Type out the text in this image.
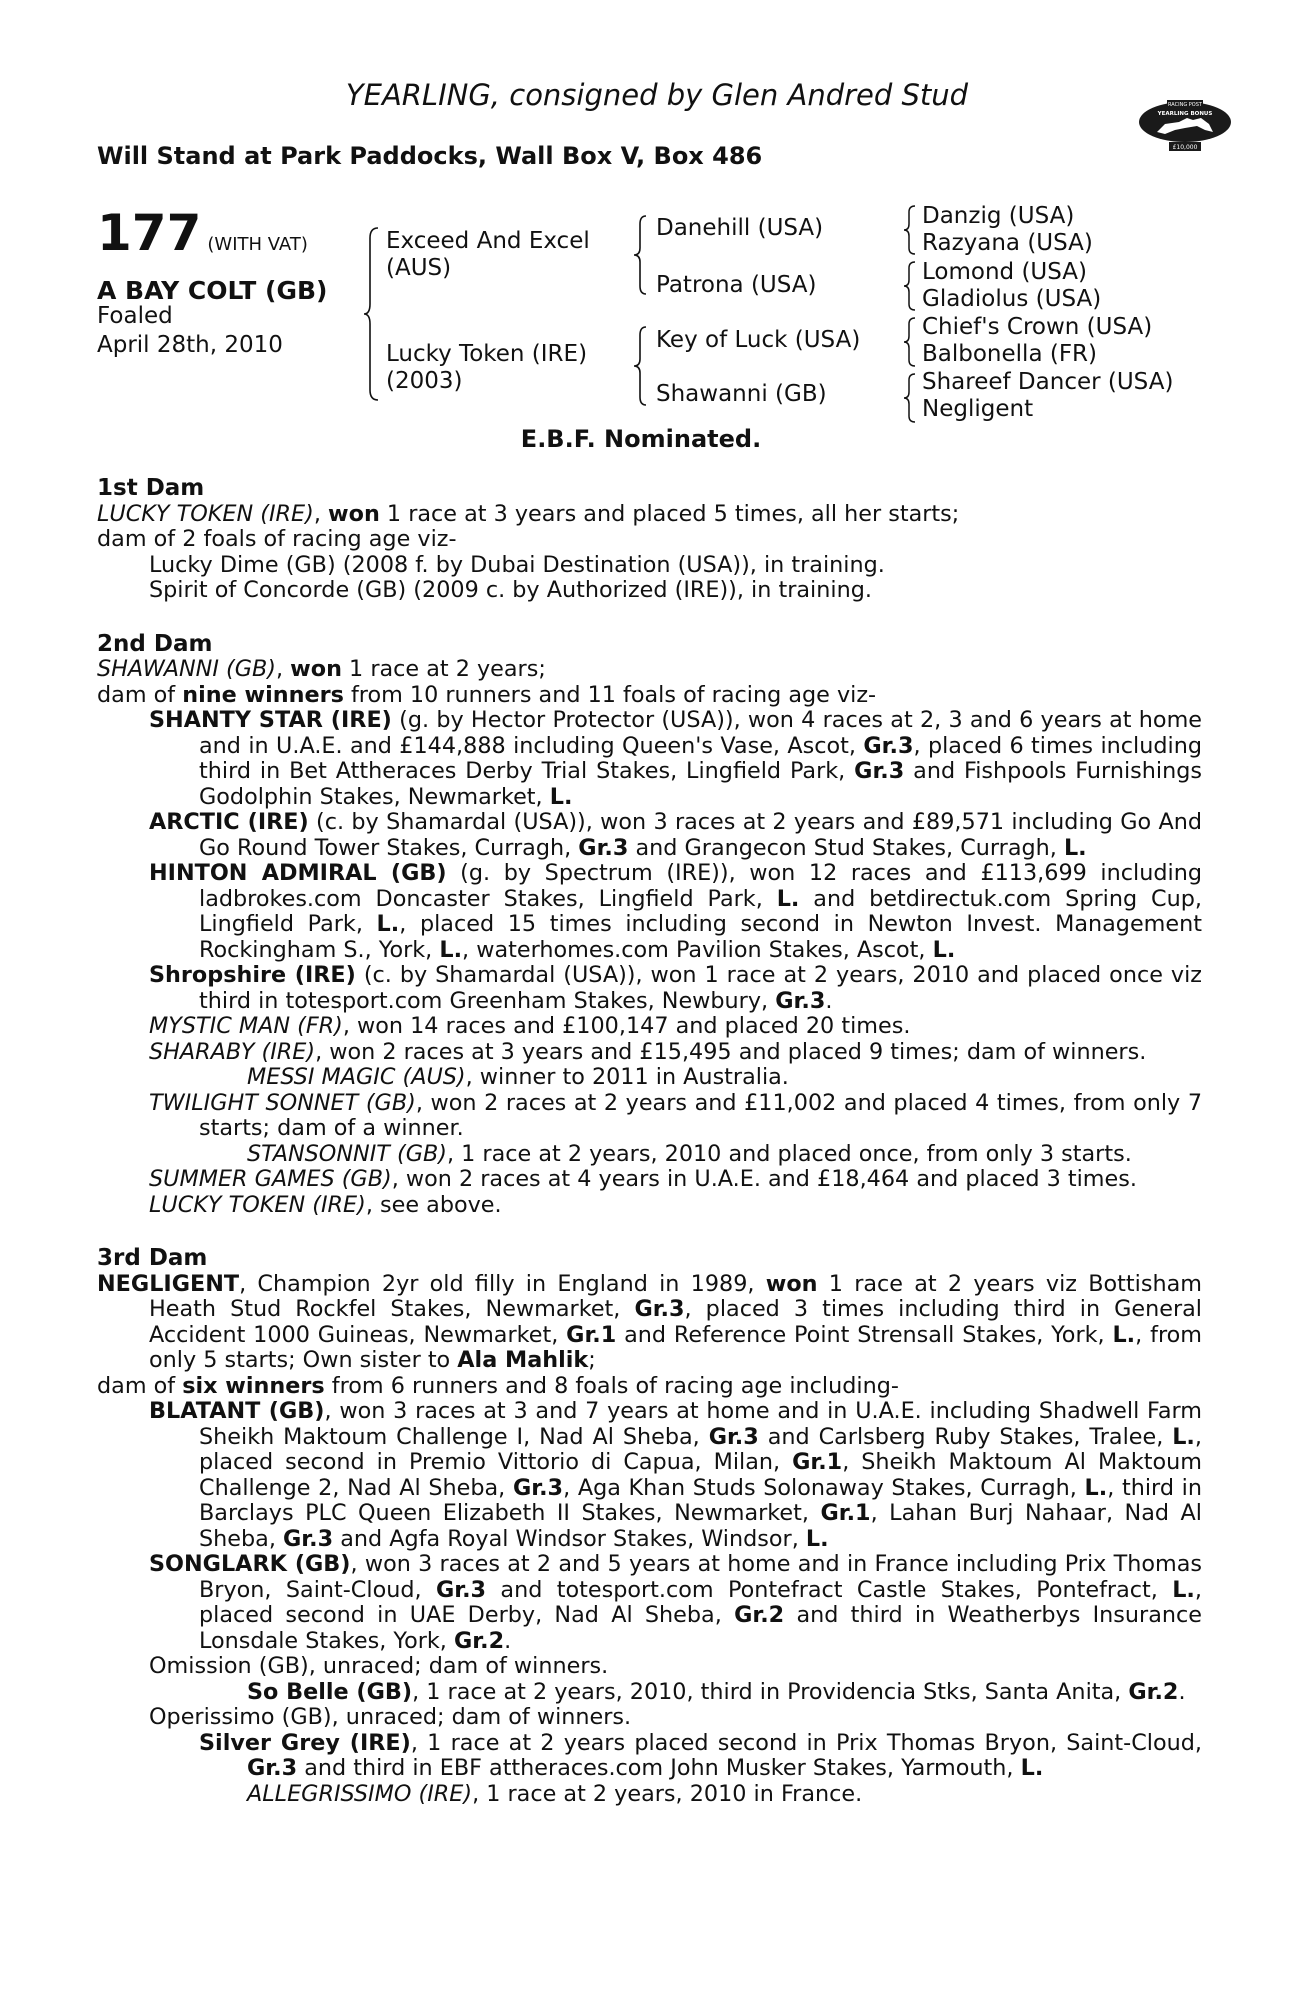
YEARLING, consigned by Glen Andred Stud
Will Stand at Park Paddocks, Wall Box V, Box 486
RACING POST
YEARLING BONUS
£10,000
177 (WITH VAT)
A BAY COLT (GB)
Foaled
April 28th, 2010
Exceed And Excel
(AUS)
Lucky Token (IRE)
(2003)
Danehill (USA)
Patrona (USA)
Key of Luck (USA)
Shawanni (GB)
Danzig (USA)
Razyana (USA)
Lomond (USA)
Gladiolus (USA)
Chief's Crown (USA)
Balbonella (FR)
Shareef Dancer (USA)
Negligent
E.B.F. Nominated.
1st Dam
LUCKY TOKEN (IRE), won 1 race at 3 years and placed 5 times, all her starts;
dam of 2 foals of racing age viz-
Lucky Dime (GB) (2008 f. by Dubai Destination (USA)), in training.
Spirit of Concorde (GB) (2009 c. by Authorized (IRE)), in training.
2nd Dam
SHAWANNI (GB), won 1 race at 2 years;
dam of nine winners from 10 runners and 11 foals of racing age viz-
SHANTY STAR (IRE) (g. by Hector Protector (USA)), won 4 races at 2, 3 and 6 years at home and in U.A.E. and £144,888 including Queen's Vase, Ascot, Gr.3, placed 6 times including third in Bet Attheraces Derby Trial Stakes, Lingfield Park, Gr.3 and Fishpools Furnishings Godolphin Stakes, Newmarket, L.
ARCTIC (IRE) (c. by Shamardal (USA)), won 3 races at 2 years and £89,571 including Go And Go Round Tower Stakes, Curragh, Gr.3 and Grangecon Stud Stakes, Curragh, L.
HINTON ADMIRAL (GB) (g. by Spectrum (IRE)), won 12 races and £113,699 including ladbrokes.com Doncaster Stakes, Lingfield Park, L. and betdirectuk.com Spring Cup, Lingfield Park, L., placed 15 times including second in Newton Invest. Management Rockingham S., York, L., waterhomes.com Pavilion Stakes, Ascot, L.
Shropshire (IRE) (c. by Shamardal (USA)), won 1 race at 2 years, 2010 and placed once viz third in totesport.com Greenham Stakes, Newbury, Gr.3.
MYSTIC MAN (FR), won 14 races and £100,147 and placed 20 times.
SHARABY (IRE), won 2 races at 3 years and £15,495 and placed 9 times; dam of winners.
MESSI MAGIC (AUS), winner to 2011 in Australia.
TWILIGHT SONNET (GB), won 2 races at 2 years and £11,002 and placed 4 times, from only 7 starts; dam of a winner.
STANSONNIT (GB), 1 race at 2 years, 2010 and placed once, from only 3 starts.
SUMMER GAMES (GB), won 2 races at 4 years in U.A.E. and £18,464 and placed 3 times.
LUCKY TOKEN (IRE), see above.
3rd Dam
NEGLIGENT, Champion 2yr old filly in England in 1989, won 1 race at 2 years viz Bottisham Heath Stud Rockfel Stakes, Newmarket, Gr.3, placed 3 times including third in General Accident 1000 Guineas, Newmarket, Gr.1 and Reference Point Strensall Stakes, York, L., from only 5 starts; Own sister to Ala Mahlik;
dam of six winners from 6 runners and 8 foals of racing age including-
BLATANT (GB), won 3 races at 3 and 7 years at home and in U.A.E. including Shadwell Farm Sheikh Maktoum Challenge I, Nad Al Sheba, Gr.3 and Carlsberg Ruby Stakes, Tralee, L., placed second in Premio Vittorio di Capua, Milan, Gr.1, Sheikh Maktoum Al Maktoum Challenge 2, Nad Al Sheba, Gr.3, Aga Khan Studs Solonaway Stakes, Curragh, L., third in Barclays PLC Queen Elizabeth II Stakes, Newmarket, Gr.1, Lahan Burj Nahaar, Nad Al Sheba, Gr.3 and Agfa Royal Windsor Stakes, Windsor, L.
SONGLARK (GB), won 3 races at 2 and 5 years at home and in France including Prix Thomas Bryon, Saint-Cloud, Gr.3 and totesport.com Pontefract Castle Stakes, Pontefract, L., placed second in UAE Derby, Nad Al Sheba, Gr.2 and third in Weatherbys Insurance Lonsdale Stakes, York, Gr.2.
Omission (GB), unraced; dam of winners.
So Belle (GB), 1 race at 2 years, 2010, third in Providencia Stks, Santa Anita, Gr.2.
Operissimo (GB), unraced; dam of winners.
Silver Grey (IRE), 1 race at 2 years placed second in Prix Thomas Bryon, Saint-Cloud, Gr.3 and third in EBF attheraces.com John Musker Stakes, Yarmouth, L.
ALLEGRISSIMO (IRE), 1 race at 2 years, 2010 in France.
